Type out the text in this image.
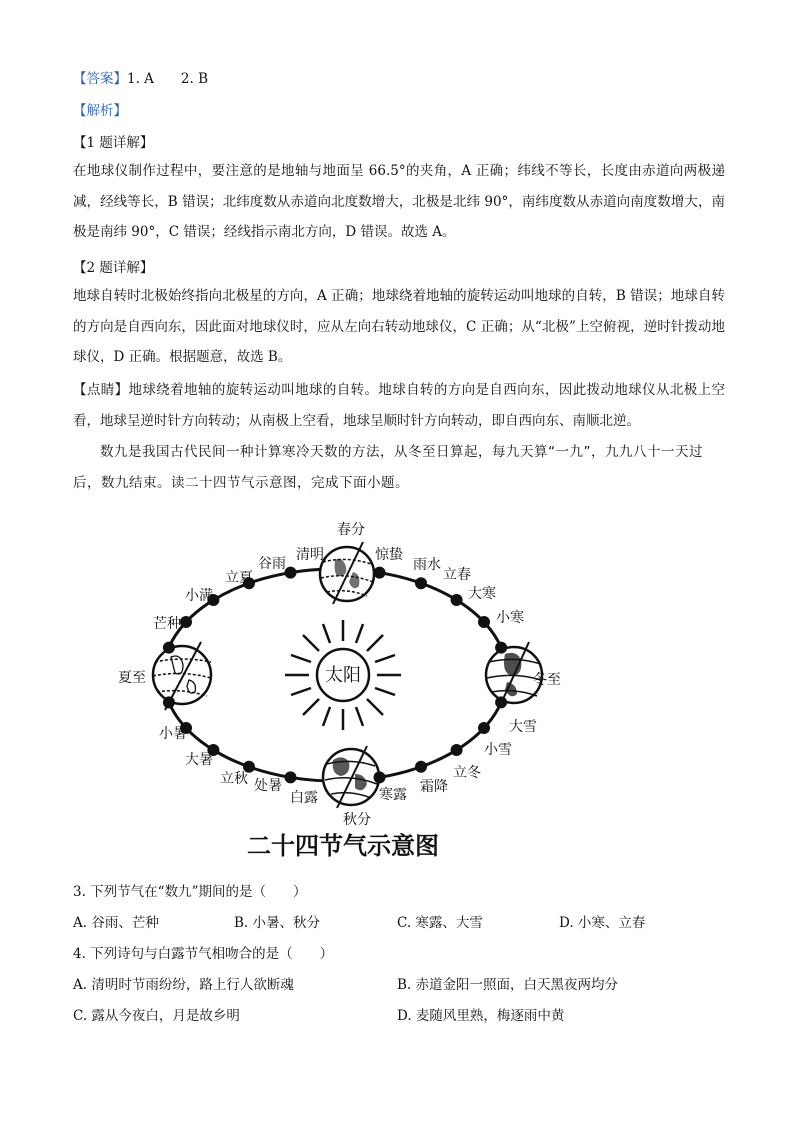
【答案】1. A　　2. B
【解析】
【1 题详解】
在地球仪制作过程中，要注意的是地轴与地面呈 66.5°的夹角，A 正确；纬线不等长，长度由赤道向两极递减，经线等长，B 错误；北纬度数从赤道向北度数增大，北极是北纬 90°，南纬度数从赤道向南度数增大，南极是南纬 90°，C 错误；经线指示南北方向，D 错误。故选 A。
【2 题详解】
地球自转时北极始终指向北极星的方向，A 正确；地球绕着地轴的旋转运动叫地球的自转，B 错误；地球自转的方向是自西向东，因此面对地球仪时，应从左向右转动地球仪，C 正确；从“北极”上空俯视，逆时针拨动地球仪，D 正确。根据题意，故选 B。
【点睛】地球绕着地轴的旋转运动叫地球的自转。地球自转的方向是自西向东，因此拨动地球仪从北极上空看，地球呈逆时针方向转动；从南极上空看，地球呈顺时针方向转动，即自西向东、南顺北逆。
数九是我国古代民间一种计算寒冷天数的方法，从冬至日算起，每九天算“一九”，九九八十一天过后，数九结束。读二十四节气示意图，完成下面小题。
太阳
春分
清明
谷雨
立夏
小满
芒种
夏至
小暑
大暑
立秋 处暑
白露
秋分
寒露 霜降
立冬
小雪
大雪
冬至
小寒
大寒
立春
雨水
惊蛰
二十四节气示意图
3. 下列节气在“数九”期间的是（　　）
A. 谷雨、芒种	B. 小暑、秋分	C. 寒露、大雪	D. 小寒、立春
4. 下列诗句与白露节气相吻合的是（　　）
A. 清明时节雨纷纷，路上行人欲断魂	B. 赤道金阳一照面，白天黑夜两均分
C. 露从今夜白，月是故乡明	D. 麦随风里熟，梅逐雨中黄
